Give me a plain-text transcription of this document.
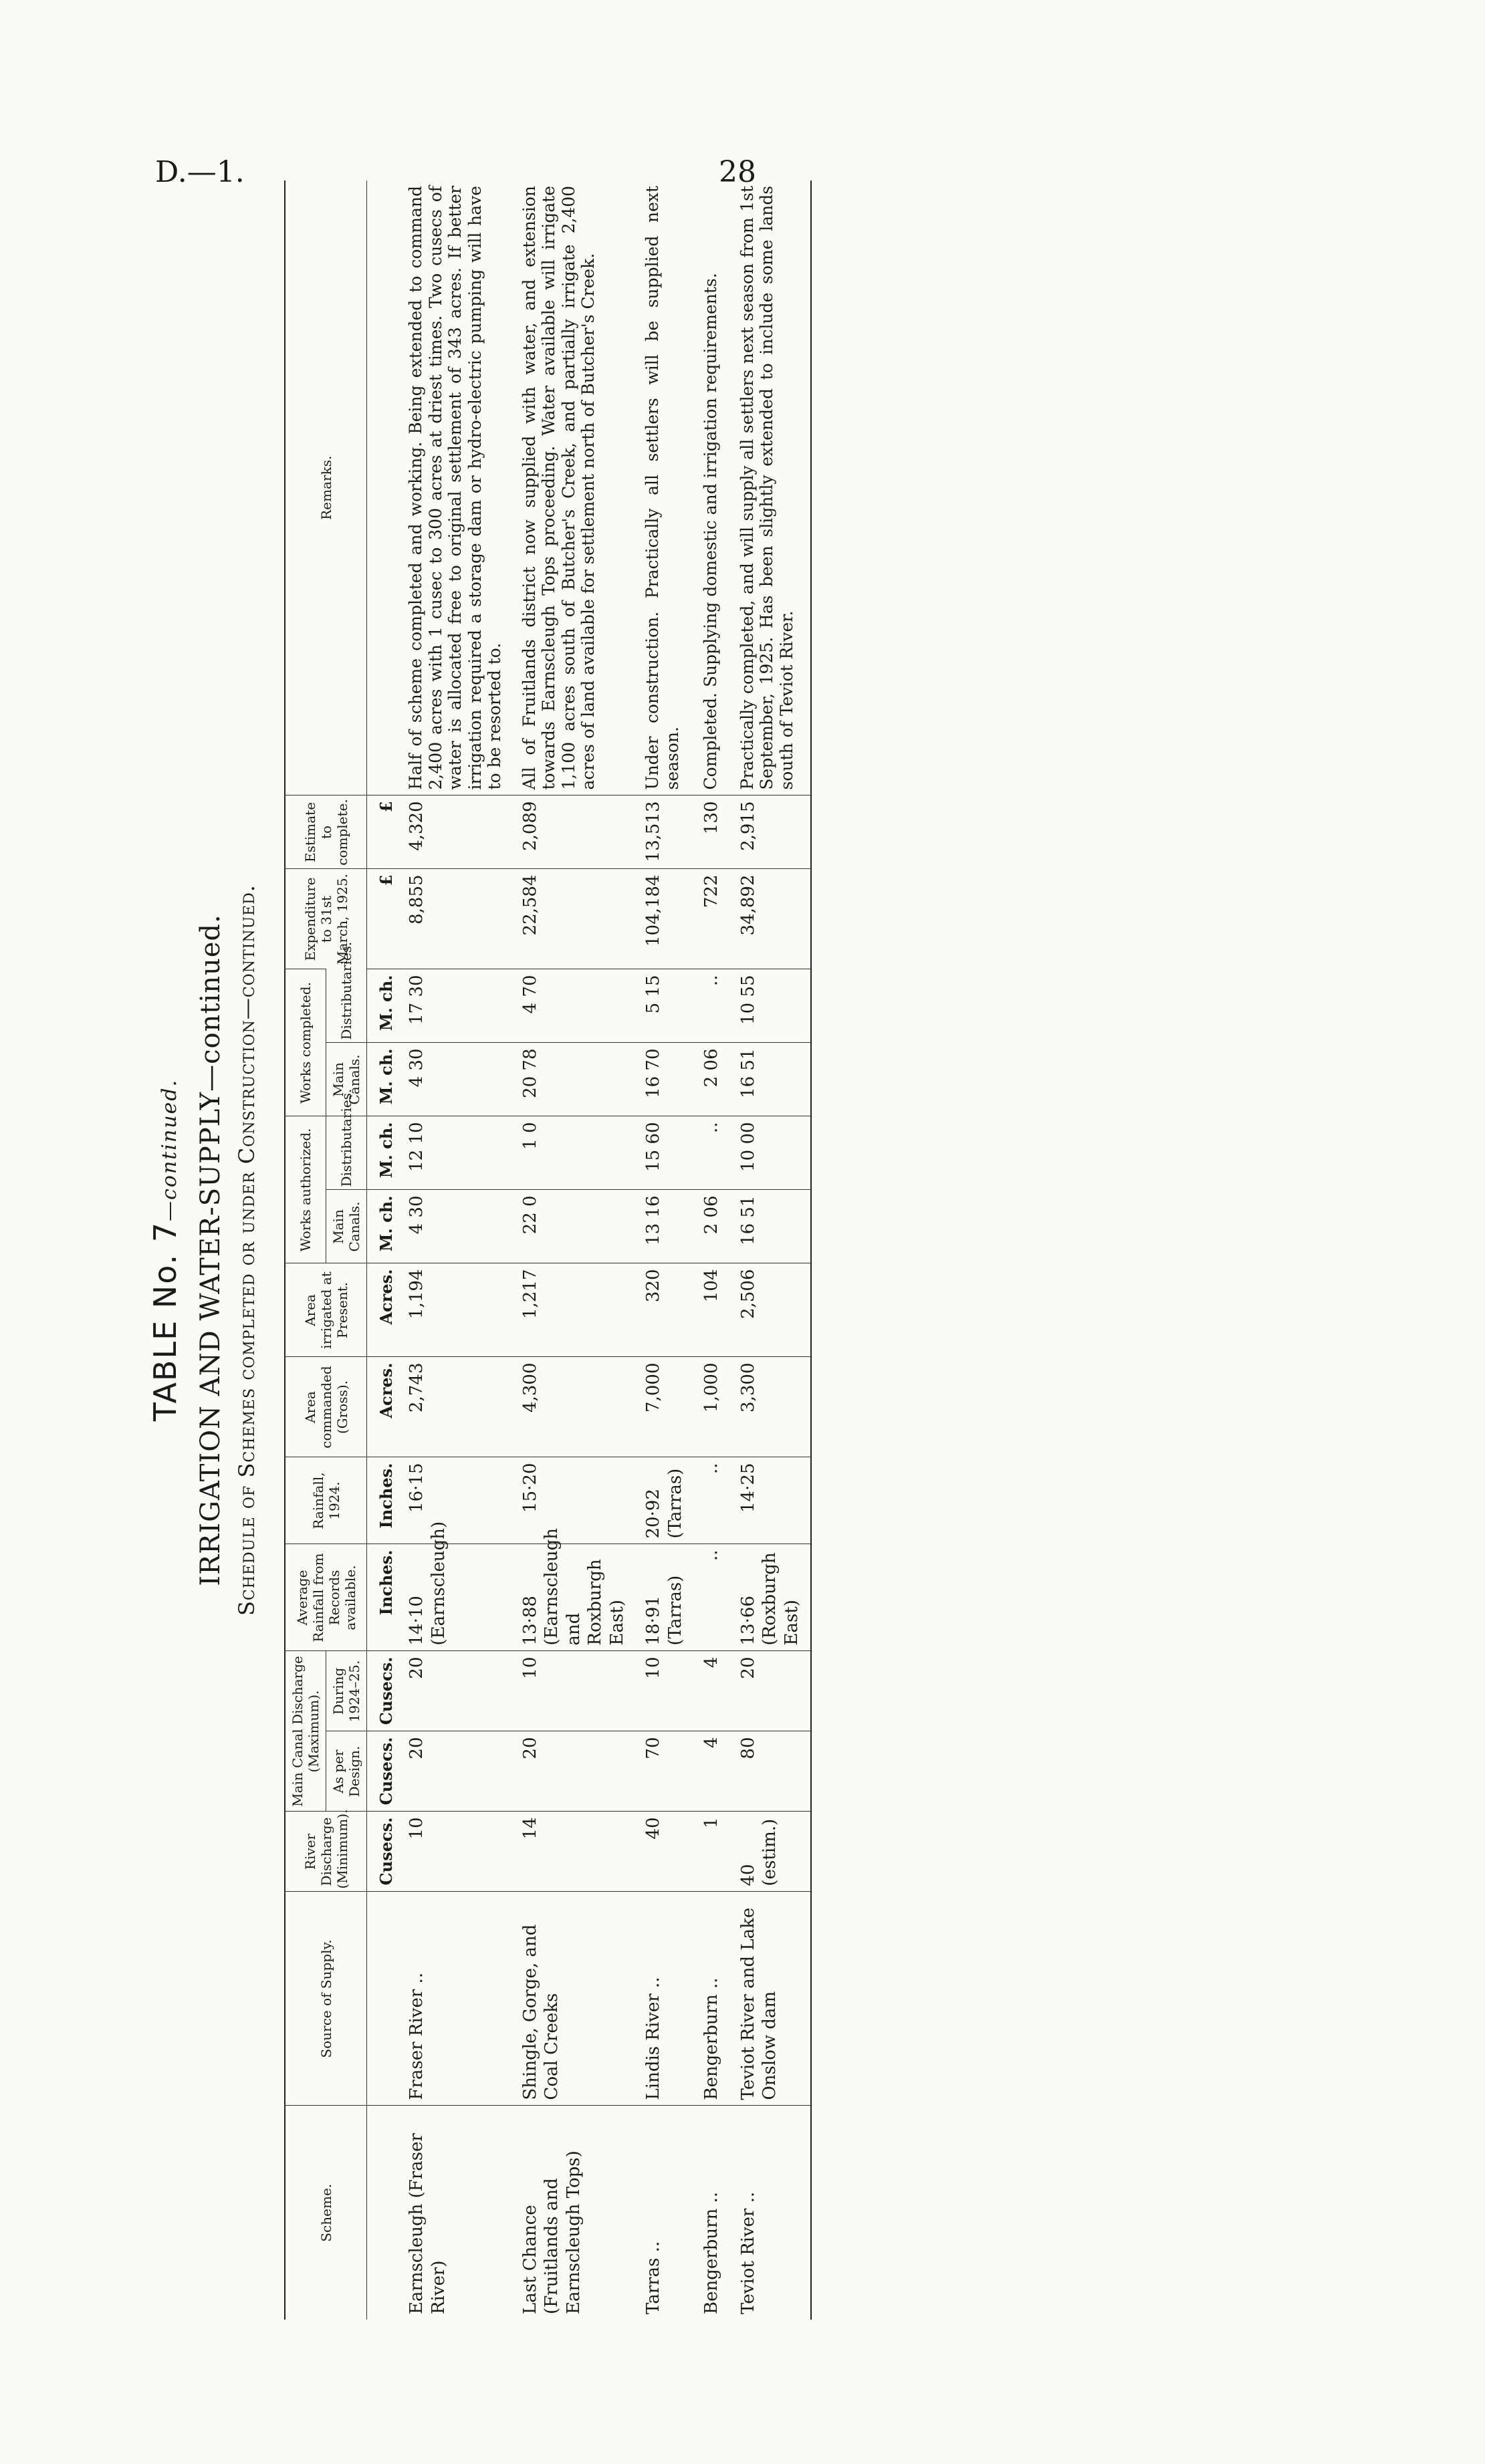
D.—1.	28
TABLE No. 7—continued. IRRIGATION AND WATER-SUPPLY—continued. Schedule of Schemes completed or under Construction—continued.
Scheme.	Source of Supply.	River Discharge (Minimum).	Main Canal Discharge (Maximum).		Average Rainfall from Records available.	Rainfall, 1924.	Area commanded (Gross).	Area irrigated at Present.	Works authorized.		Works completed.		Expenditure to 31st March, 1925.	Estimate to complete.	Remarks.
			As per Design.	During 1924–25.					Main Canals.	Distributaries.	Main Canals.	Distributaries.			
		Cusecs.	Cusecs.	Cusecs.	Inches.	Inches.	Acres.	Acres.	M. ch.	M. ch.	M. ch.	M. ch.	£	£	
Earnscleugh (Fraser River)	Fraser River ..	10	20	20	14·10 (Earnscleugh)	16·15	2,743	1,194	4 30	12 10	4 30	17 30	8,855	4,320	Half of scheme completed and working. Being extended to command 2,400 acres with 1 cusec to 300 acres at driest times. Two cusecs of water is allocated free to original settlement of 343 acres. If better irrigation required a storage dam or hydro-electric pumping will have to be resorted to.
Last Chance (Fruitlands and Earnscleugh Tops)	Shingle, Gorge, and Coal Creeks	14	20	10	13·88 (Earnscleugh and Roxburgh East)	15·20	4,300	1,217	22 0	1 0	20 78	4 70	22,584	2,089	All of Fruitlands district now supplied with water, and extension towards Earnscleugh Tops proceeding. Water available will irrigate 1,100 acres south of Butcher's Creek, and partially irrigate 2,400 acres of land available for settlement north of Butcher's Creek.
Tarras ..	Lindis River ..	40	70	10	18·91 (Tarras)	20·92 (Tarras)	7,000	320	13 16	15 60	16 70	5 15	104,184	13,513	Under construction. Practically all settlers will be supplied next season.
Bengerburn ..	Bengerburn ..	1	4	4	..	..	1,000	104	2 06	..	2 06	..	722	130	Completed. Supplying domestic and irrigation requirements.
Teviot River ..	Teviot River and Lake Onslow dam	40 (estim.)	80	20	13·66 (Roxburgh East)	14·25	3,300	2,506	16 51	10 00	16 51	10 55	34,892	2,915	Practically completed, and will supply all settlers next season from 1st September, 1925. Has been slightly extended to include some lands south of Teviot River.
